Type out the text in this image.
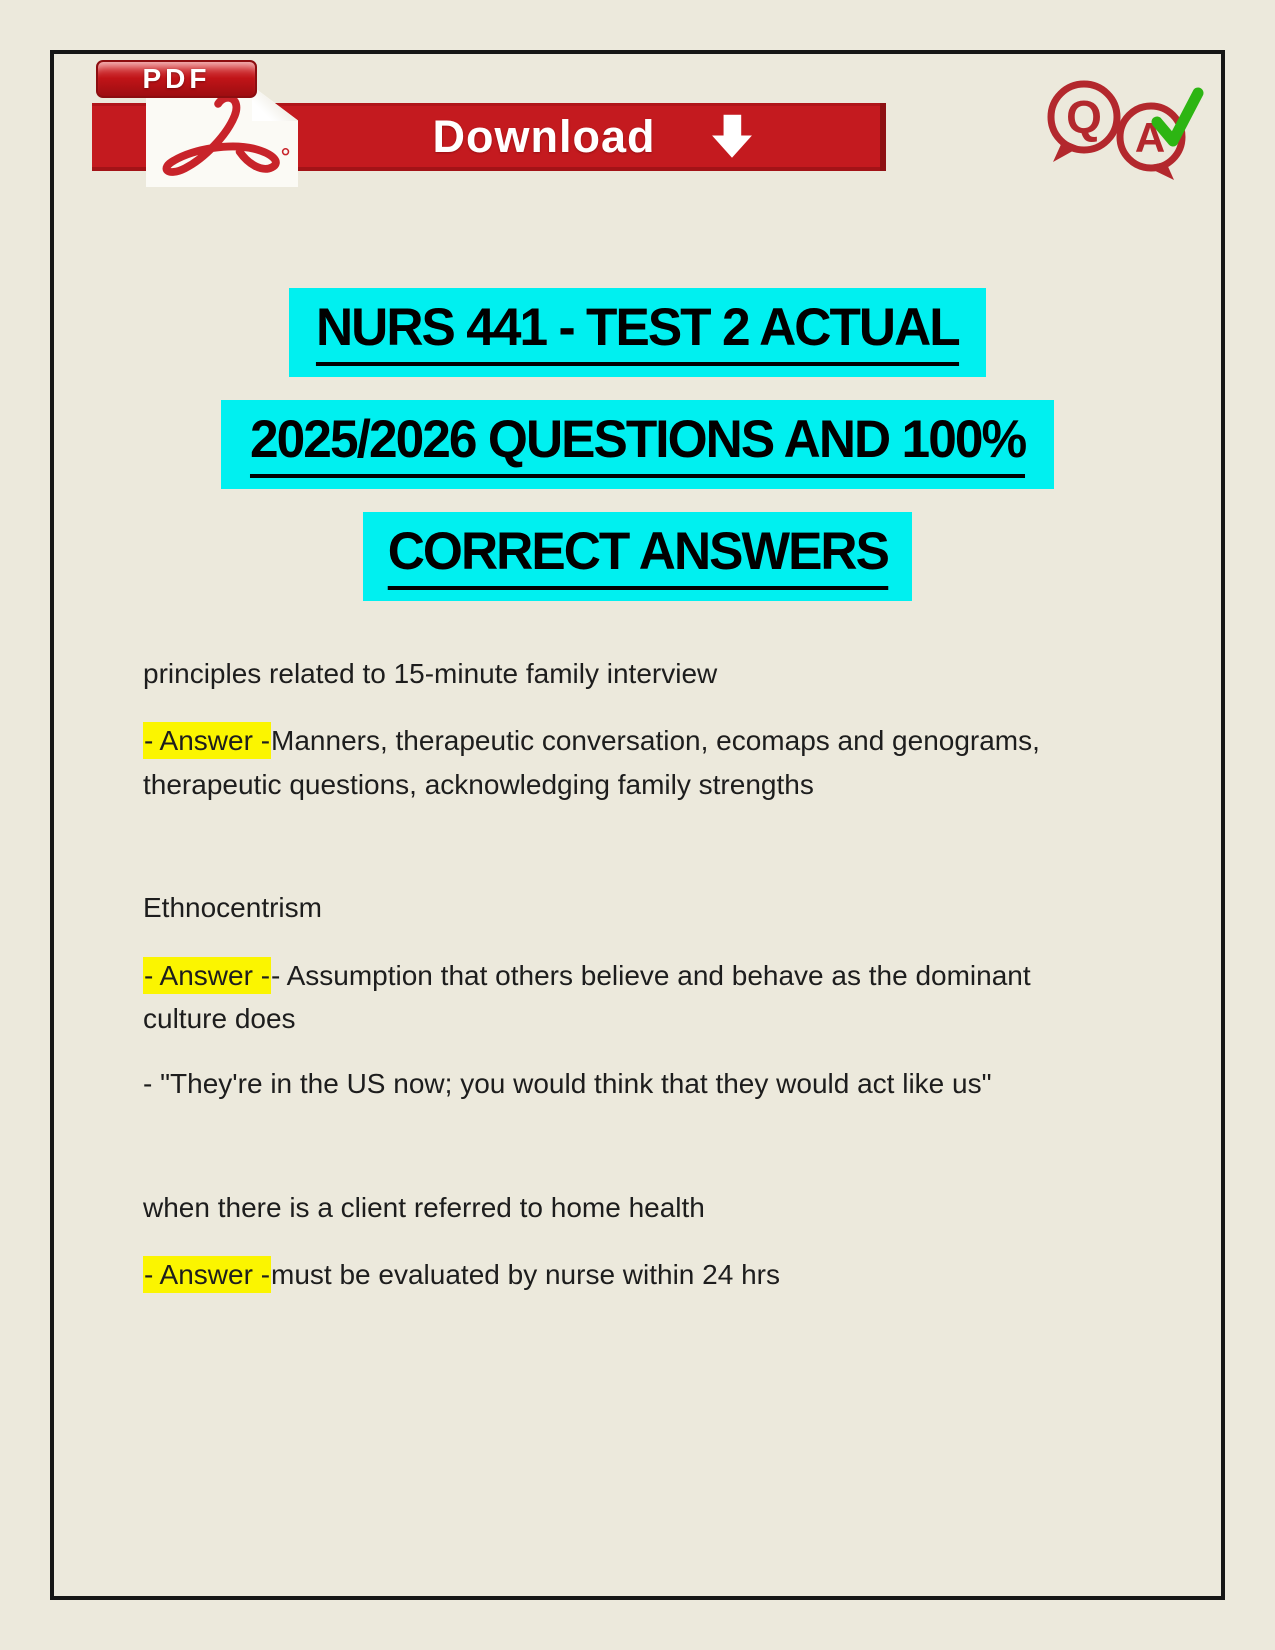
Download
PDF
Q A
NURS 441 - TEST 2 ACTUAL
2025/2026 QUESTIONS AND 100%
CORRECT ANSWERS

principles related to 15-minute family interview

- Answer -Manners, therapeutic conversation, ecomaps and genograms, therapeutic questions, acknowledging family strengths

Ethnocentrism

- Answer -- Assumption that others believe and behave as the dominant culture does

- "They're in the US now; you would think that they would act like us"

when there is a client referred to home health

- Answer -must be evaluated by nurse within 24 hrs
